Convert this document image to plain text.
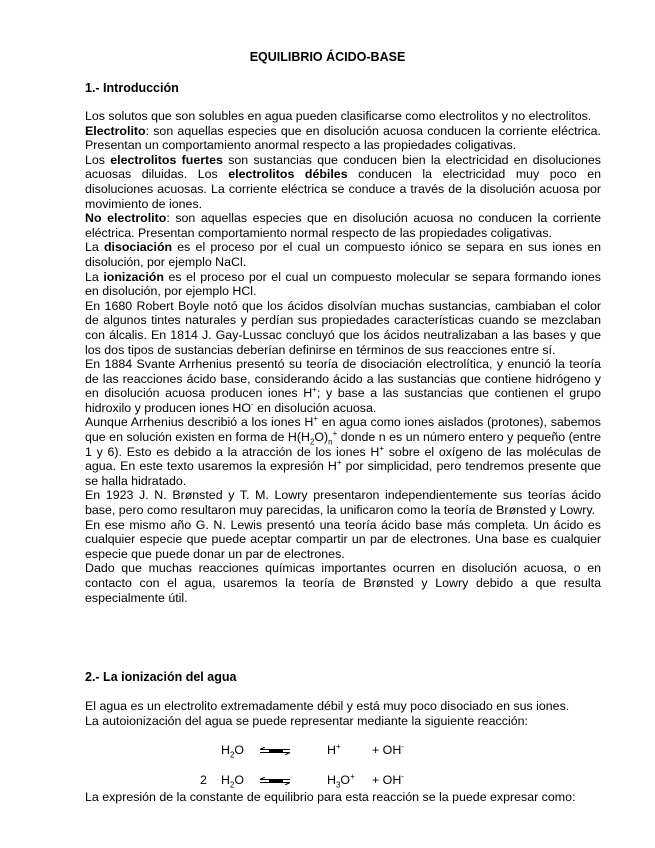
EQUILIBRIO ÁCIDO-BASE
1.- Introducción

Los solutos que son solubles en agua pueden clasificarse como electrolitos y no electrolitos.

Electrolito: son aquellas especies que en disolución acuosa conducen la corriente eléctrica. Presentan un comportamiento anormal respecto a las propiedades coligativas.

Los electrolitos fuertes son sustancias que conducen bien la electricidad en disoluciones acuosas diluidas. Los electrolitos débiles conducen la electricidad muy poco en disoluciones acuosas. La corriente eléctrica se conduce a través de la disolución acuosa por movimiento de iones.

No electrolito: son aquellas especies que en disolución acuosa no conducen la corriente eléctrica. Presentan comportamiento normal respecto de las propiedades coligativas.

La disociación es el proceso por el cual un compuesto iónico se separa en sus iones en disolución, por ejemplo NaCl.

La ionización es el proceso por el cual un compuesto molecular se separa formando iones en disolución, por ejemplo HCl.

En 1680 Robert Boyle notó que los ácidos disolvían muchas sustancias, cambiaban el color de algunos tintes naturales y perdían sus propiedades características cuando se mezclaban con álcalis. En 1814 J. Gay-Lussac concluyó que los ácidos neutralizaban a las bases y que los dos tipos de sustancias deberían definirse en términos de sus reacciones entre sí.

En 1884 Svante Arrhenius presentó su teoría de disociación electrolítica, y enunció la teoría de las reacciones ácido base, considerando ácido a las sustancias que contiene hidrógeno y en disolución acuosa producen iones H+; y base a las sustancias que contienen el grupo hidroxilo y producen iones HO- en disolución acuosa.

Aunque Arrhenius describió a los iones H+ en agua como iones aislados (protones), sabemos que en solución existen en forma de $H(H_2O)_n^+$ donde n es un número entero y pequeño (entre 1 y 6). Esto es debido a la atracción de los iones H+ sobre el oxígeno de las moléculas de agua. En este texto usaremos la expresión H+ por simplicidad, pero tendremos presente que se halla hidratado.

En 1923 J. N. Brønsted y T. M. Lowry presentaron independientemente sus teorías ácido base, pero como resultaron muy parecidas, la unificaron como la teoría de Brønsted y Lowry.

En ese mismo año G. N. Lewis presentó una teoría ácido base más completa. Un ácido es cualquier especie que puede aceptar compartir un par de electrones. Una base es cualquier especie que puede donar un par de electrones.

Dado que muchas reacciones químicas importantes ocurren en disolución acuosa, o en contacto con el agua, usaremos la teoría de Brønsted y Lowry debido a que resulta especialmente útil.

2.- La ionización del agua

El agua es un electrolito extremadamente débil y está muy poco disociado en sus iones.

La autoionización del agua se puede representar mediante la siguiente reacción:

$H_2O$ ⇌	H+	+ OH-
2 $H_2O$ ⇌	$H_3O^+ + OH^-$

La expresión de la constante de equilibrio para esta reacción se la puede expresar como:
